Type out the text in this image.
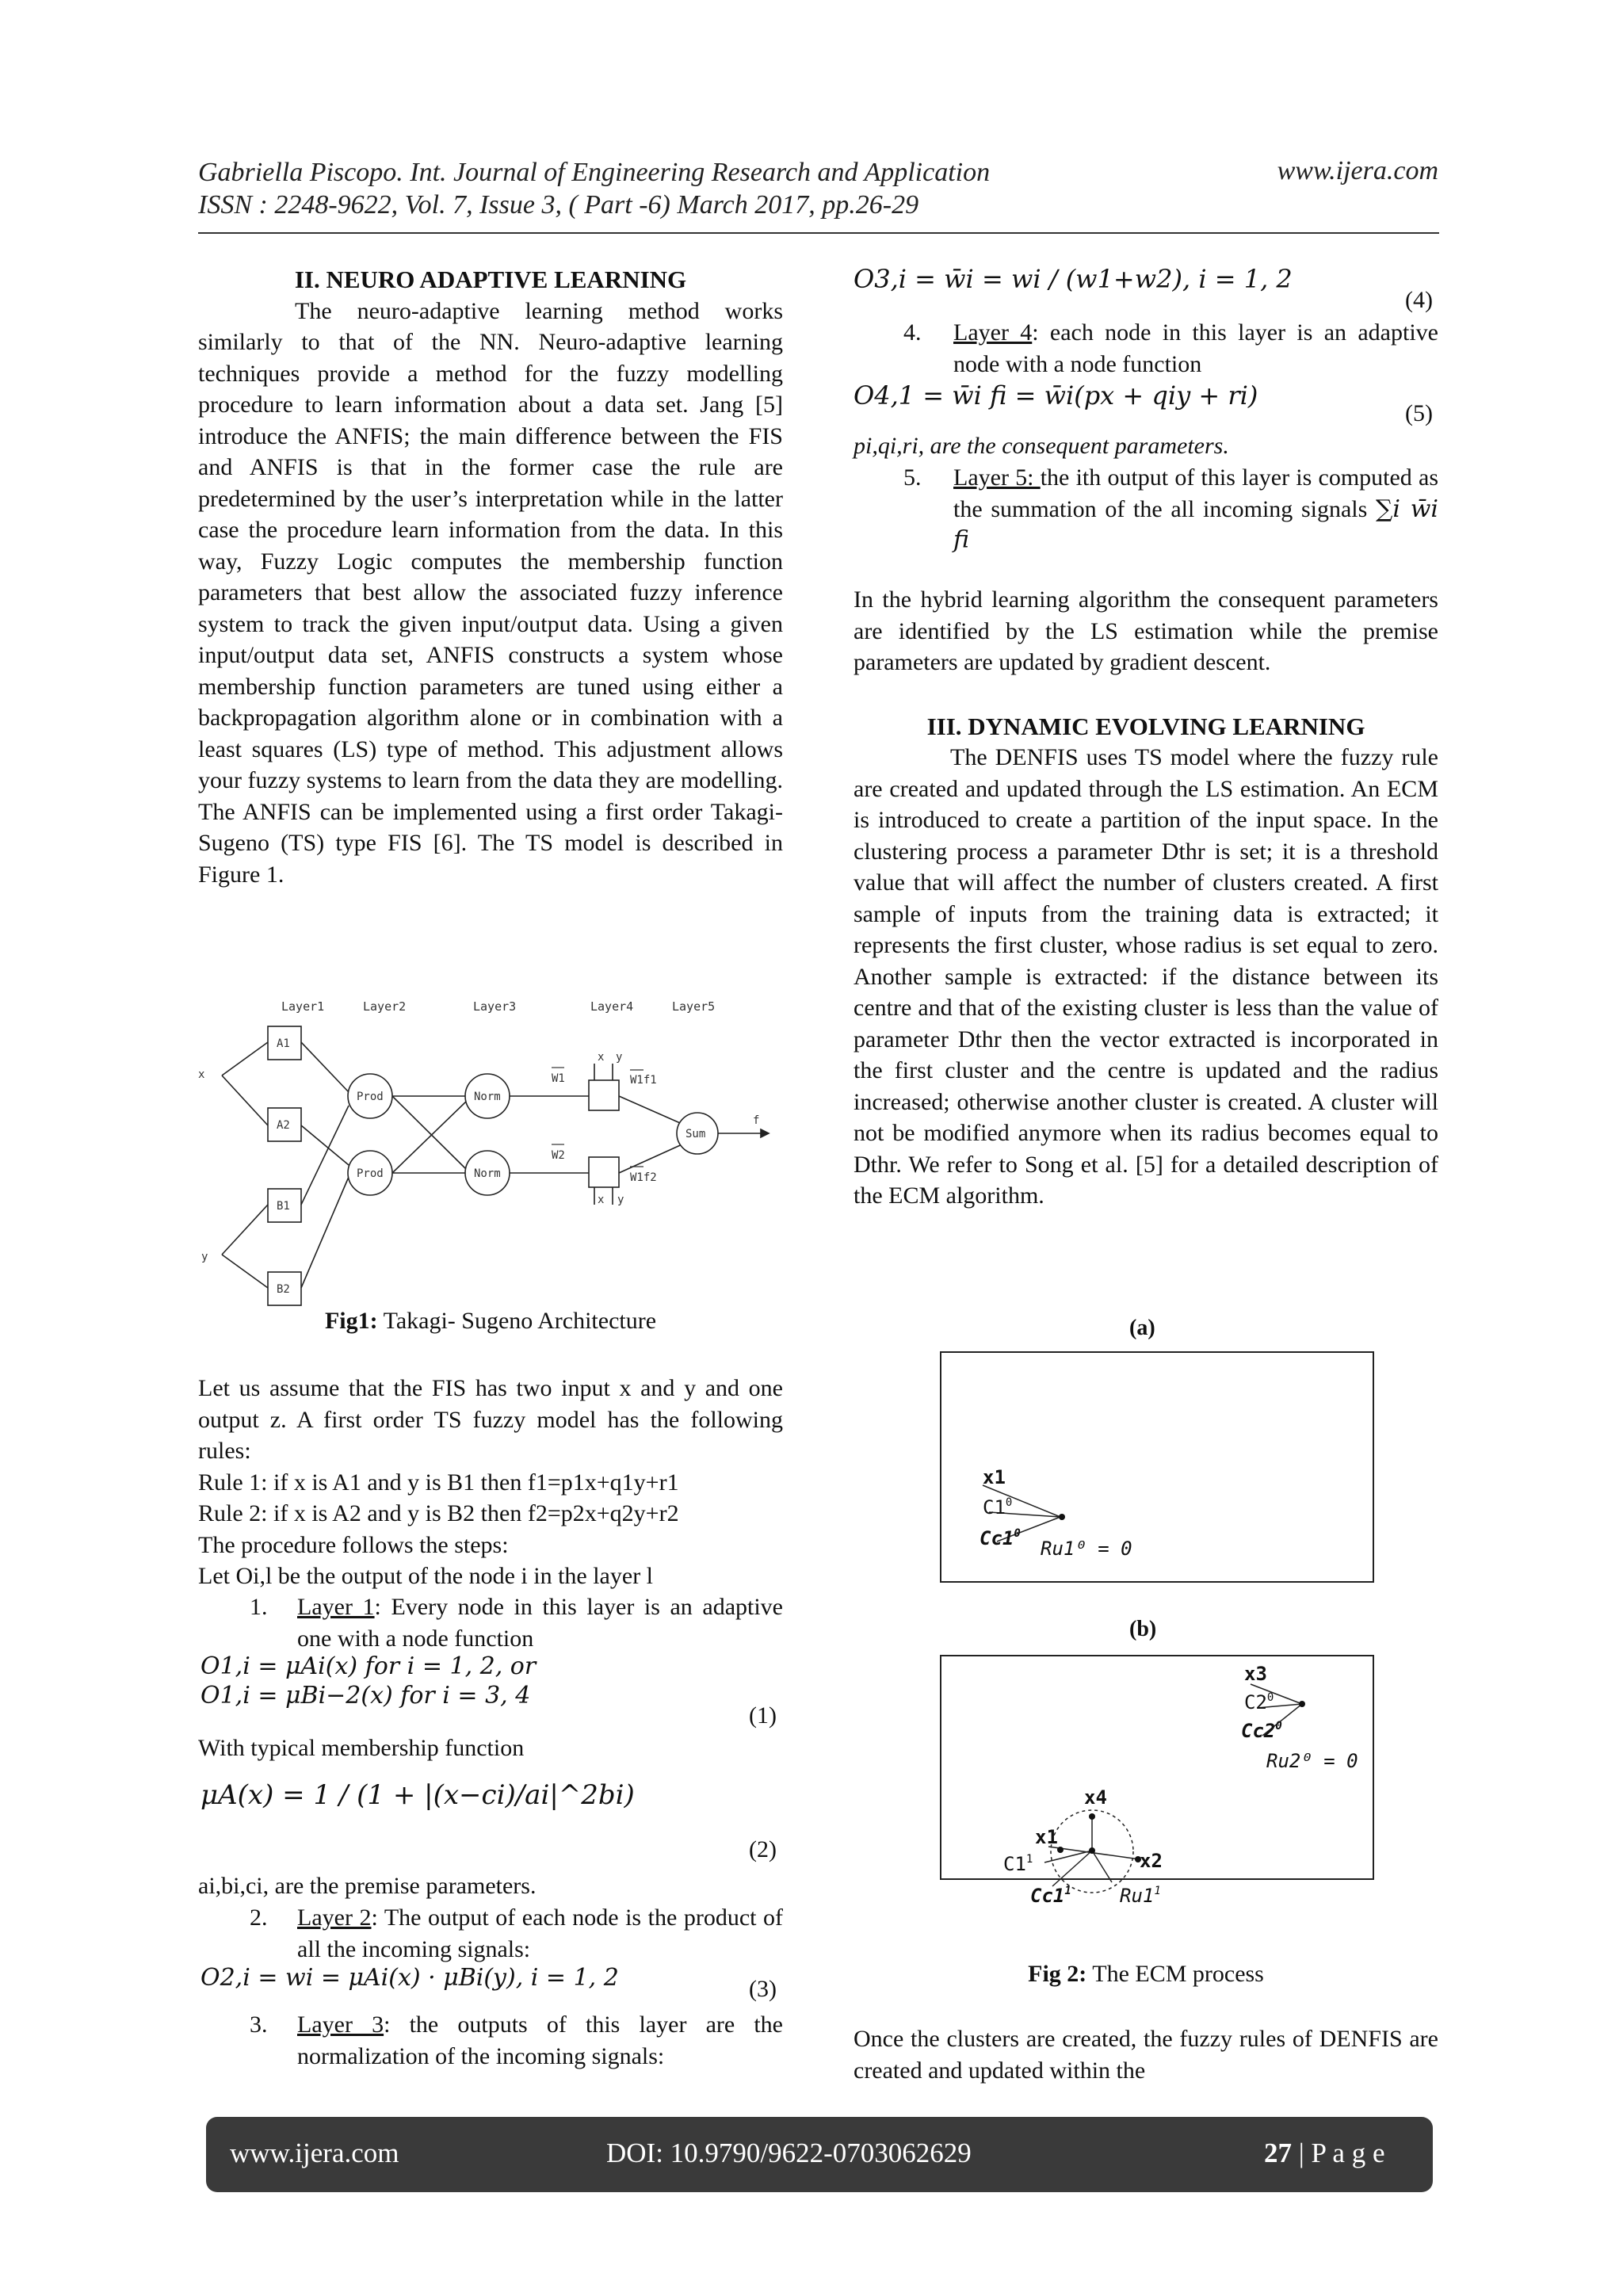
Gabriella Piscopo. Int. Journal of Engineering Research and Application
ISSN : 2248-9622, Vol. 7, Issue 3, ( Part -6) March 2017, pp.26-29
www.ijera.com

II. NEURO ADAPTIVE LEARNING

The neuro-adaptive learning method works similarly to that of the NN. Neuro-adaptive learning techniques provide a method for the fuzzy modelling procedure to learn information about a data set. Jang [5] introduce the ANFIS; the main difference between the FIS and ANFIS is that in the former case the rule are predetermined by the user’s interpretation while in the latter case the procedure learn information from the data. In this way, Fuzzy Logic computes the membership function parameters that best allow the associated fuzzy inference system to track the given input/output data. Using a given input/output data set, ANFIS constructs a system whose membership function parameters are tuned using either a backpropagation algorithm alone or in combination with a least squares (LS) type of method. This adjustment allows your fuzzy systems to learn from the data they are modelling. The ANFIS can be implemented using a first order Takagi-Sugeno (TS) type FIS [6]. The TS model is described in Figure 1.

Layer1	Layer2	Layer3	Layer4	Layer5
x
y
A1
A2
B1
B2
Prod
Prod
Norm
Norm
Sum
W1
W2
W1f1
W1f2
x y
x y
f
Fig1: Takagi- Sugeno Architecture

Let us assume that the FIS has two input x and y and one output z. A first order TS fuzzy model has the following rules:

Rule 1: if x is A1 and y is B1 then f1=p1x+q1y+r1

Rule 2: if x is A2 and y is B2 then f2=p2x+q2y+r2

The procedure follows the steps:

Let Oi,l be the output of the node i in the layer l

1. Layer 1: Every node in this layer is an adaptive one with a node function
O1,i = μAi(x) for i = 1, 2, or
O1,i = μBi−2(x) for i = 3, 4
(1)
With typical membership function
μA(x) = 1 / (1 + |(x−ci)/ai|^2bi)
(2)
ai,bi,ci, are the premise parameters.
2. Layer 2: The output of each node is the product of all the incoming signals:
O2,i = wi = μAi(x) · μBi(y), i = 1, 2	(3)
3. Layer 3: the outputs of this layer are the normalization of the incoming signals:
O3,i = w̄i = wi / (w1+w2), i = 1, 2
(4)
4. Layer 4: each node in this layer is an adaptive node with a node function
O4,1 = w̄i fi = w̄i(px + qiy + ri)
(5)
pi,qi,ri, are the consequent parameters.
5. Layer 5: the ith output of this layer is computed as the summation of the all incoming signals ∑i w̄i fi

In the hybrid learning algorithm the consequent parameters are identified by the LS estimation while the premise parameters are updated by gradient descent.

III. DYNAMIC EVOLVING LEARNING

The DENFIS uses TS model where the fuzzy rule are created and updated through the LS estimation. An ECM is introduced to create a partition of the input space. In the clustering process a parameter Dthr is set; it is a threshold value that will affect the number of clusters created. A first sample of inputs from the training data is extracted; it represents the first cluster, whose radius is set equal to zero. Another sample is extracted: if the distance between its centre and that of the existing cluster is less than the value of parameter Dthr then the vector extracted is incorporated in the first cluster and the centre is updated and the radius increased; otherwise another cluster is created. A cluster will not be modified anymore when its radius becomes equal to Dthr. We refer to Song et al. [5] for a detailed description of the ECM algorithm.

(a)
x1
$C1^0$
$Cc1^0$
Ru1⁰ = 0
(b)
x3
$C2^0$
$Cc2^0$
Ru2⁰ = 0
x4
x1
x2
$C1^1$
$Cc1^1$	$Ru1^1$
Fig 2: The ECM process
Once the clusters are created, the fuzzy rules of DENFIS are created and updated within the
www.ijera.com	DOI: 10.9790/9622-0703062629	27 | P a g e
